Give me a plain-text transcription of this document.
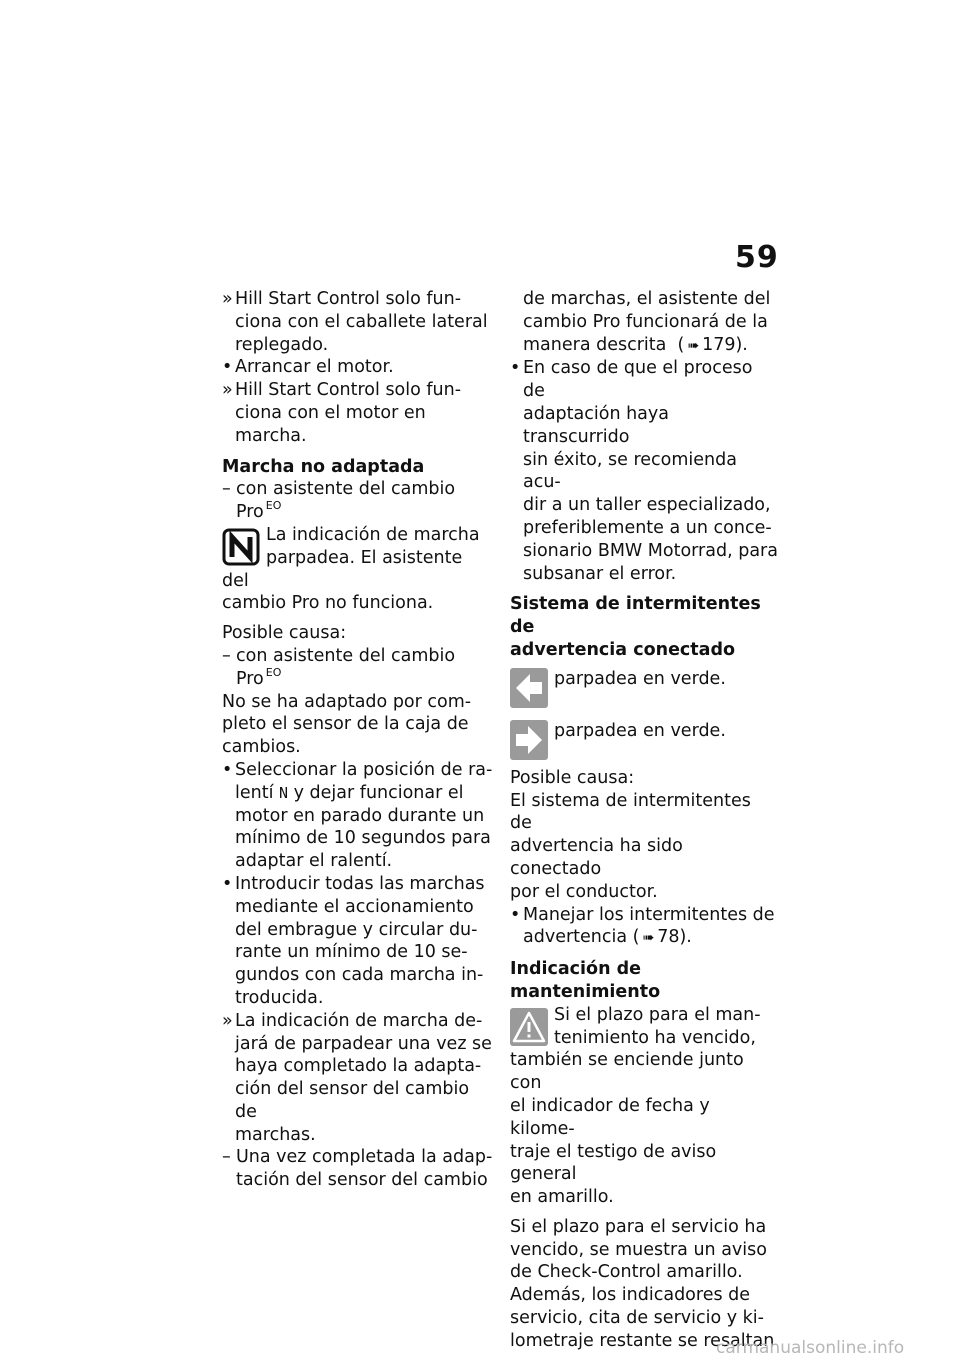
59
» Hill Start Control solo fun-
ciona con el caballete lateral
replegado.
• Arrancar el motor.
» Hill Start Control solo fun-
ciona con el motor en marcha.
Marcha no adaptada
– con asistente del cambio
Pro $^{EO}$
La indicación de marcha
parpadea. El asistente del
cambio Pro no funciona.
Posible causa:
– con asistente del cambio
Pro $^{EO}$
No se ha adaptado por com-
pleto el sensor de la caja de
cambios.
• Seleccionar la posición de ra-
lentí N y dejar funcionar el
motor en parado durante un
mínimo de 10 segundos para
adaptar el ralentí.
• Introducir todas las marchas
mediante el accionamiento
del embrague y circular du-
rante un mínimo de 10 se-
gundos con cada marcha in-
troducida.
» La indicación de marcha de-
jará de parpadear una vez se
haya completado la adapta-
ción del sensor del cambio de
marchas.
– Una vez completada la adap-
tación del sensor del cambio
de marchas, el asistente del
cambio Pro funcionará de la
manera descrita  ( ➠ 179).
• En caso de que el proceso de
adaptación haya transcurrido
sin éxito, se recomienda acu-
dir a un taller especializado,
preferiblemente a un conce-
sionario BMW Motorrad, para
subsanar el error.
Sistema de intermitentes de
advertencia conectado
parpadea en verde.
parpadea en verde.
Posible causa:
El sistema de intermitentes de
advertencia ha sido conectado
por el conductor.
• Manejar los intermitentes de
advertencia ( ➠ 78).
Indicación de mantenimiento
Si el plazo para el man-
tenimiento ha vencido,
también se enciende junto con
el indicador de fecha y kilome-
traje el testigo de aviso general
en amarillo.
Si el plazo para el servicio ha
vencido, se muestra un aviso
de Check-Control amarillo.
Además, los indicadores de
servicio, cita de servicio y ki-
lometraje restante se resaltan
carmanualsonline.info
